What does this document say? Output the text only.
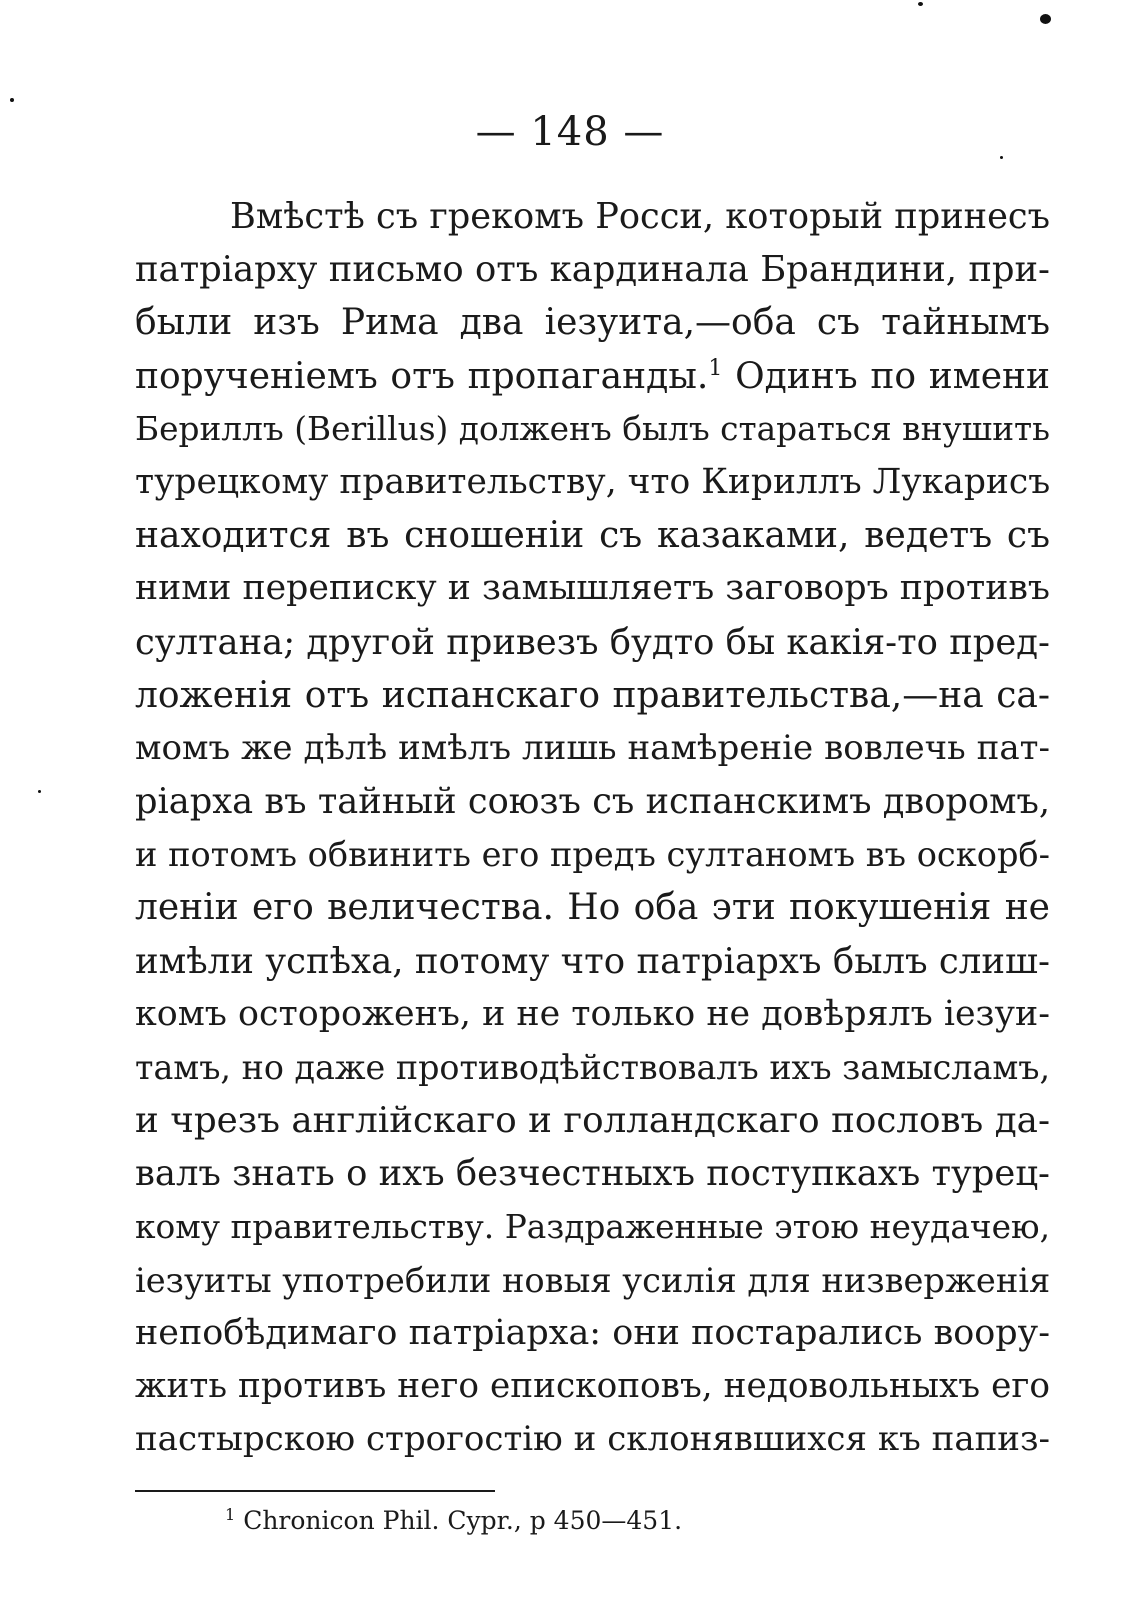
— 148 —
Вмѣстѣ съ грекомъ Росси, который принесъ
патріарху письмо отъ кардинала Брандини, при-
были изъ Рима два іезуита,—оба съ тайнымъ
порученіемъ отъ пропаганды.$^1$ Одинъ по имени
Бериллъ (Berillus) долженъ былъ стараться внушить
турецкому правительству, что Кириллъ Лукарисъ
находится въ сношеніи съ казаками, ведетъ съ
ними переписку и замышляетъ заговоръ противъ
султана; другой привезъ будто бы какія-то пред-
ложенія отъ испанскаго правительства,—на са-
момъ же дѣлѣ имѣлъ лишь намѣреніе вовлечь пат-
ріарха въ тайный союзъ съ испанскимъ дворомъ,
и потомъ обвинить его предъ султаномъ въ оскорб-
леніи его величества. Но оба эти покушенія не
имѣли успѣха, потому что патріархъ былъ слиш-
комъ остороженъ, и не только не довѣрялъ іезуи-
тамъ, но даже противодѣйствовалъ ихъ замысламъ,
и чрезъ англійскаго и голландскаго пословъ да-
валъ знать о ихъ безчестныхъ поступкахъ турец-
кому правительству. Раздраженные этою неудачею,
іезуиты употребили новыя усилія для низверженія
непобѣдимаго патріарха: они постарались воору-
жить противъ него епископовъ, недовольныхъ его
пастырскою строгостію и склонявшихся къ папиз-
$^1$ Chronicon Phil. Cypr., p 450—451.
